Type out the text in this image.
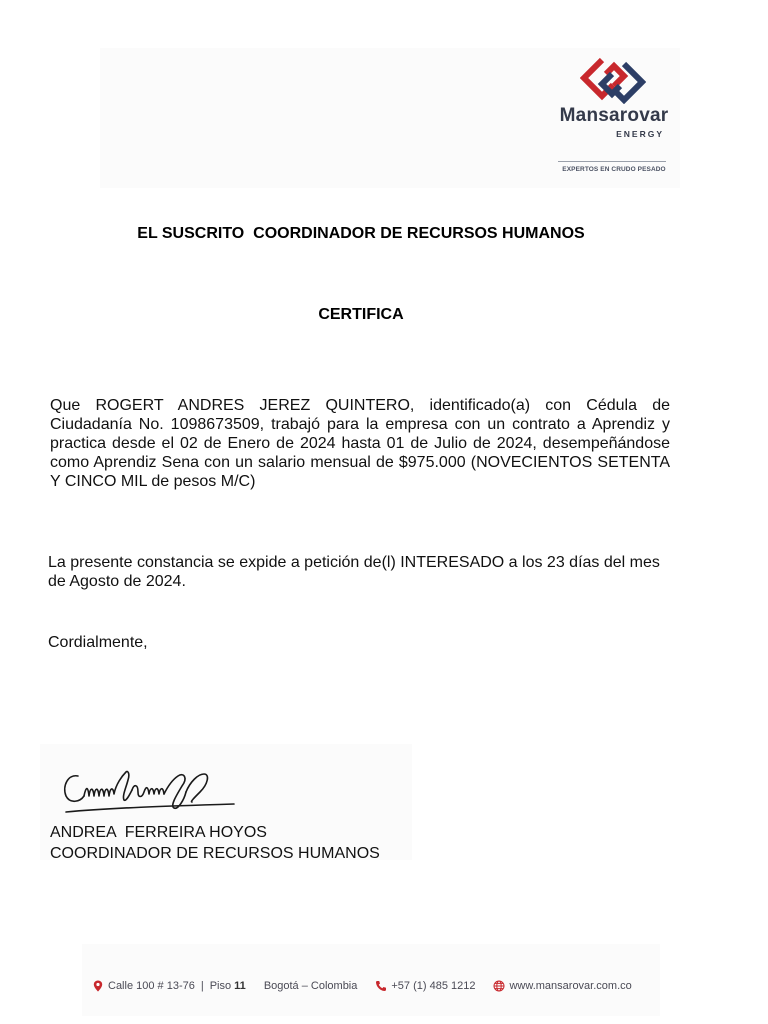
Mansarovar
ENERGY
EXPERTOS EN CRUDO PESADO
EL SUSCRITO  COORDINADOR DE RECURSOS HUMANOS
CERTIFICA
Que ROGERT ANDRES JEREZ QUINTERO, identificado(a) con Cédula de Ciudadanía No. 1098673509, trabajó para la empresa con un contrato a Aprendiz y practica desde el 02 de Enero de 2024 hasta 01 de Julio de 2024, desempeñándose como Aprendiz Sena con un salario mensual de $975.000 (NOVECIENTOS SETENTA Y CINCO MIL de pesos M/C)
La presente constancia se expide a petición de(l) INTERESADO a los 23 días del mes de Agosto de 2024.
Cordialmente,
ANDREA  FERREIRA HOYOS
COORDINADOR DE RECURSOS HUMANOS
Calle 100 # 13-76 | Piso
11 Bogotá – Colombia	+57 (1) 485 1212	www.mansarovar.com.co
